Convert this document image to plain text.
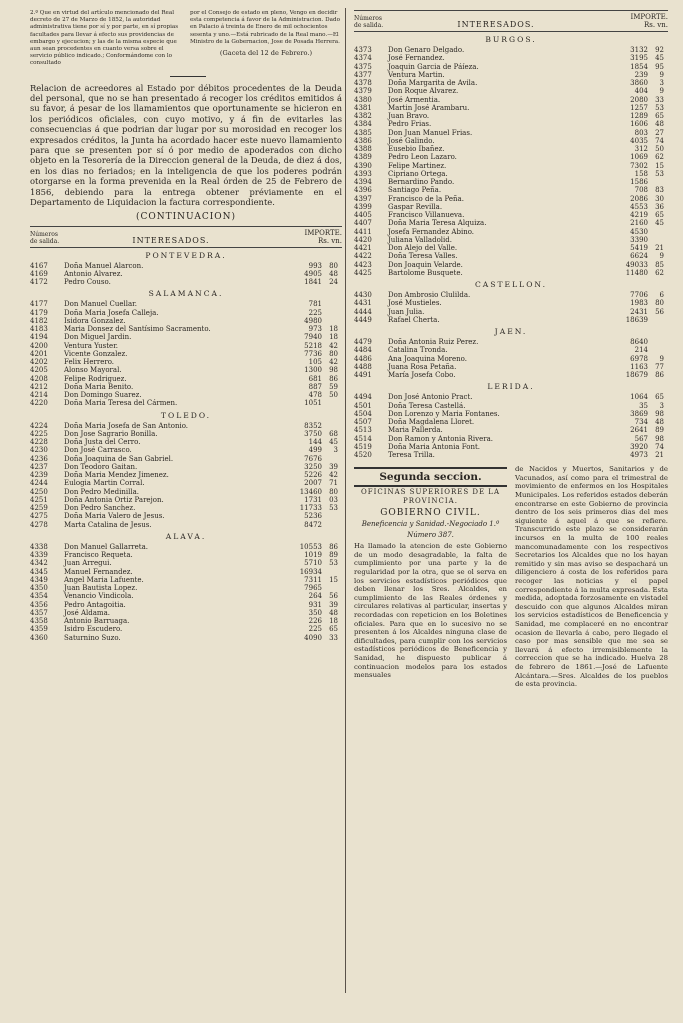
2.º Que en virtud del artículo mencionado del Real decreto de 27 de Marzo de 1852, la autoridad administrativa tiene por sí y por parte, en sí propias facultades para llevar á efecto sus providencias de embargo y ejecucion; y las de la misma especie que aun sean procedentes en cuanto versa sobre el servicio público indicado.; Conformándome con lo consultado
por el Consejo de estado en pleno, Vengo en decidir esta competencia á favor de la Administracion. Dado en Palacio á treinta de Enero de mil ochocientos sesenta y uno.—Está rubricado de la Real mano.—El Ministro de la Gobernacion, Jose de Posada Herrera.
(Gaceta del 12 de Febrero.)
Relacion de acreedores al Estado por débitos procedentes de la Deuda del personal, que no se han presentado á recoger los créditos emitidos á su favor, á pesar de los llamamientos que oportunamente se hicieron en los periódicos oficiales, con cuyo motivo, y á fin de evitarles las consecuencias á que podrian dar lugar por su morosidad en recoger los expresados créditos, la Junta ha acordado hacer este nuevo llamamiento para que se presenten por sí ó por medio de apoderados con dicho objeto en la Tesorería de la Direccion general de la Deuda, de diez á dos, en los dias no feriados; en la inteligencia de que los poderes podrán otorgarse en la forma prevenida en la Real órden de 25 de Febrero de 1856, debiendo para la entrega obtener préviamente en el Departamento de Liquidacion la factura correspondiente.
(CONTINUACION)
Números de salida.	INTERESADOS.
IMPORTE.
Rs. vn.
PONTEVEDRA.
4167	Doña Manuel Alarcon.	993	80
4169	Antonio Alvarez.	4905	48
4172	Pedro Couso.	1841	24
SALAMANCA.
4177	Don Manuel Cuellar.	781
4179	Doña Maria Josefa Calleja.	225
4182	Isidora Gonzalez.	4980
4183	Maria Donsez del Santísimo Sacramento.	973	18
4194	Don Miguel Jardin.	7940	18
4200	Ventura Yuster.	5218	42
4201	Vicente Gonzalez.	7736	80
4202	Felix Herrero.	105	42
4205	Alonso Mayoral.	1300	98
4208	Felipe Rodriguez.	681	86
4212	Doña Maria Benito.	887	59
4214	Don Domingo Suarez.	478	50
4220	Doña Maria Teresa del Cármen.	1051
TOLEDO.
4224	Doña Maria Josefa de San Antonio.	8352
4225	Don Jose Sagrario Bonilla.	3750	68
4228	Doña Justa del Cerro.	144	45
4230	Don José Carrasco.	499	3
4236	Doña Joaquina de San Gabriel.	7676
4237	Don Teodoro Gaitan.	3250	39
4239	Doña Maria Mendez Jimenez.	5226	42
4244	Eulogia Martin Corral.	2007	71
4250	Don Pedro Medinilla.	13460	80
4251	Doña Antonia Ortiz Parejon.	1731	03
4259	Don Pedro Sanchez.	11733	53
4275	Doña Maria Valero de Jesus.	5236
4278	Marta Catalina de Jesus.	8472
ALAVA.
4338	Don Manuel Gallarreta.	10553	86
4339	Francisco Requeta.	1019	89
4342	Juan Arregui.	5710	53
4345	Manuel Fernandez.	16934
4349	Angel Maria Lafuente.	7311	15
4350	Juan Bautista Lopez.	7965
4354	Venancio Vindicola.	264	56
4356	Pedro Antagoitia.	931	39
4357	José Aldama.	350	48
4358	Antonio Barruaga.	226	18
4359	Isidro Escudero.	225	65
4360	Saturnino Suzo.	4090	33
Números de salida.	INTERESADOS.
IMPORTE.
Rs. vn.
BURGOS.
4373	Don Genaro Delgado.	3132	92
4374	José Fernandez.	3195	45
4375	Joaquin Garcia de Páíeza.	1854	95
4377	Ventura Martin.	239	9
4378	Doña Margarita de Avila.	3860	3
4379	Don Roque Alvarez.	404	9
4380	José Armentia.	2080	33
4381	Martin José Arambaru.	1257	53
4382	Juan Bravo.	1289	65
4384	Pedro Frias.	1606	48
4385	Don Juan Manuel Frias.	803	27
4386	José Galindo.	4035	74
4388	Eusebio Ibañez.	312	50
4389	Pedro Leon Lazaro.	1069	62
4390	Felipe Martinez.	7302	15
4393	Cipriano Ortega.	158	53
4394	Bernardino Pando.	1586
4396	Santiago Peña.	708	83
4397	Francisco de la Peña.	2086	30
4399	Gaspar Revilla.	4553	36
4405	Francisco Villanueva.	4219	65
4407	Doña Maria Teresa Alquiza.	2160	45
4411	Josefa Fernandez Abino.	4530
4420	Juliana Valladolid.	3390
4421	Don Alejo del Valle.	5419	21
4422	Doña Teresa Valles.	6624	9
4423	Don Joaquin Velarde.	49033	85
4425	Bartolome Busquete.	11480	62
CASTELLON.
4430	Don Ambrosio Clulilda.	7706	6
4431	José Mustieles.	1983	80
4444	Juan Julia.	2431	56
4449	Rafael Cherta.	18639
JAEN.
4479	Doña Antonia Ruiz Perez.	8640
4484	Catalina Tronda.	214
4486	Ana Joaquina Moreno.	6978	9
4488	Juana Rosa Petaña.	1163	77
4491	María Josefa Cobo.	18679	86
LERIDA.
4494	Don José Antonio Pract.	1064	65
4501	Doña Teresa Castellá.	35	3
4504	Don Lorenzo y Maria Fontanes.	3869	98
4507	Doña Magdalena Lloret.	734	48
4513	Maria Pallerda.	2641	89
4514	Don Ramon y Antonia Rivera.	567	98
4519	Doña Maria Antonia Font.	3920	74
4520	Teresa Trilla.	4973	21
Segunda seccion.
OFICINAS SUPERIORES DE LA PROVINCIA.
GOBIERNO CIVIL.
Beneficencia y Sanidad.-Negociado 1.º
Número 387.
Ha llamado la atencion de este Gobierno de un modo desagradable, la falta de cumplimiento por una parte y la de regularidad por la otra, que se ol serva en los servicios estadísticos periódicos que deben llenar los Sres. Alcaldes, en cumplimiento de las Reales órdenes y circulares relativas al particular, insertas y recordadas con repeticion en los Boletines oficiales. Para que en lo sucesivo no se presenten á los Alcaldes ninguna clase de dificultades, para cumplir con los servicios estadísticos periódicos de Beneficencia y Sanidad, he dispuesto publicar á continuacion modelos para los estados mensuales
de Nacidos y Muertos, Sanitarios y de Vacunados, así como para el trimestral de movimiento de enfermos en los Hospitales Municipales. Los referidos estados deberán encontrarse en este Gobierno de provincia dentro de los seis primeros dias del mes siguiente á aquel á que se refiere. Transcurrido este plazo se considerarán incursos en la multa de 100 reales mancomunadamente con los respectivos Secretarios los Alcaldes que no los hayan remitido y sin mas aviso se despachará un diligenciero á costa de los referidos para recoger las noticias y el papel correspondiente á la multa expresada. Esta medida, adoptada forzosamente en vistadel descuido con que algunos Alcaldes miran los servicios estadísticos de Beneficencia y Sanidad, me complaceré en no encontrar ocasion de llevarla á cabo, pero llegado el caso por mas sensible que me sea se llevará á efecto irremisiblemente la correccion que se ha indicado. Huelva 28 de febrero de 1861.—José de Lafuente Alcántara.—Sres. Alcaldes de los pueblos de esta provincia.
